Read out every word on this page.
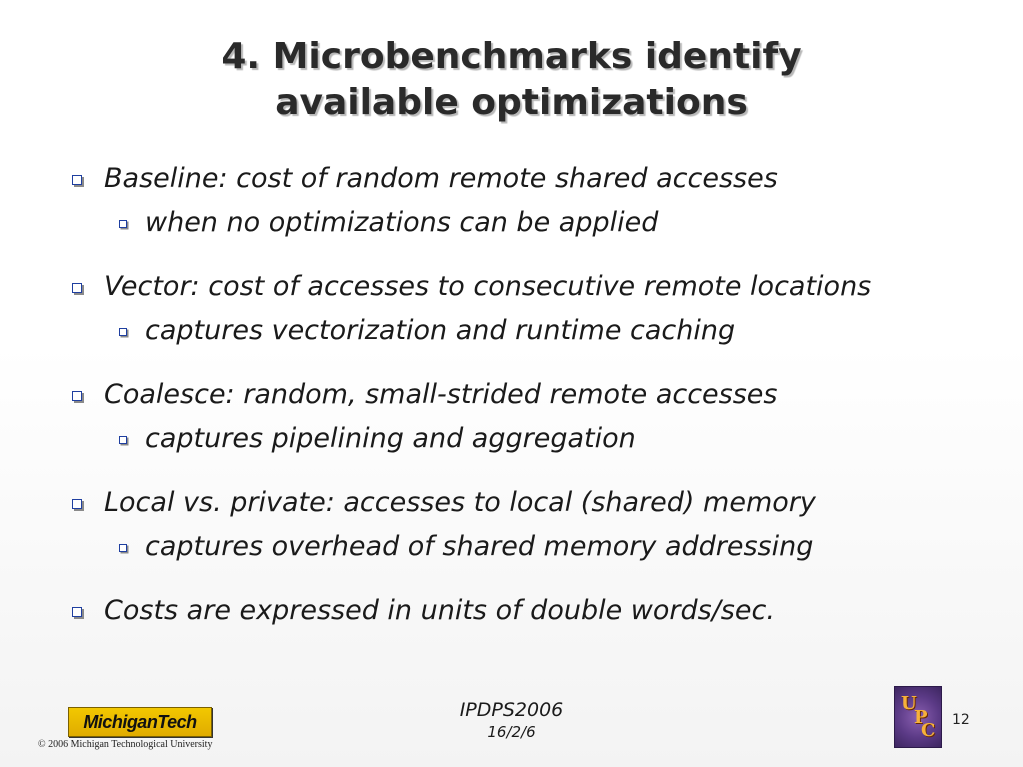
4. Microbenchmarks identify
available optimizations
Baseline: cost of random remote shared accesses
when no optimizations can be applied
Vector: cost of accesses to consecutive remote locations
captures vectorization and runtime caching
Coalesce: random, small-strided remote accesses
captures pipelining and aggregation
Local vs. private: accesses to local (shared) memory
captures overhead of shared memory addressing
Costs are expressed in units of double words/sec.
MichiganTech
© 2006 Michigan Technological University
IPDPS2006
16/2/6
U
P
C 12
